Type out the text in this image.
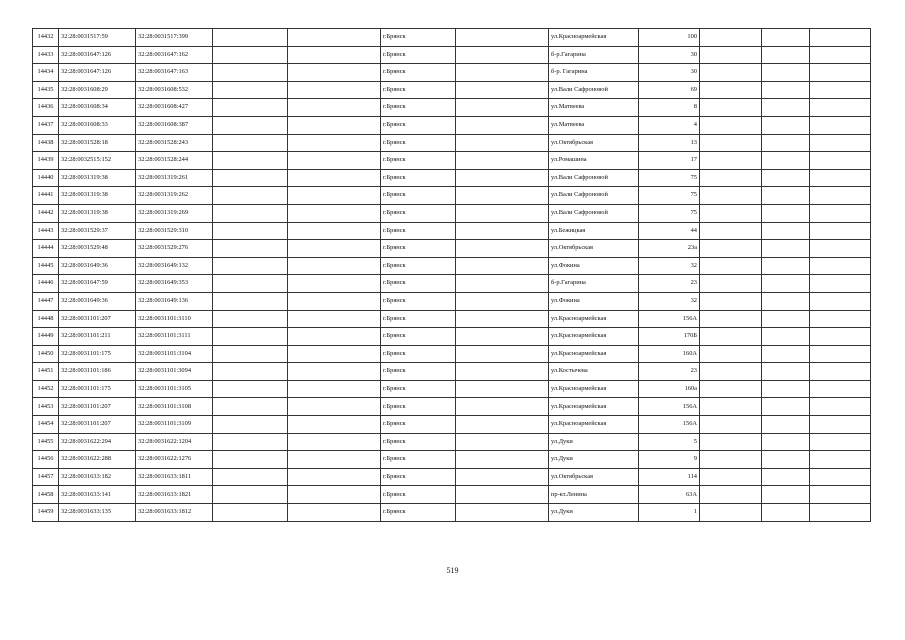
14432	32:28:0031517:59	32:28:0031517:399			г.Брянск		ул.Красноармейская	100			
14433	32:28:0031647:126	32:28:0031647:162			г.Брянск		б-р.Гагарина	30			
14434	32:28:0031647:126	32:28:0031647:163			г.Брянск		б-р. Гагарина	30			
14435	32:28:0031608:29	32:28:0031608:532			г.Брянск		ул.Вали Сафроновой	69			
14436	32:28:0031608:34	32:28:0031608:427			г.Брянск		ул.Матвеева	8			
14437	32:28:0031608:33	32:28:0031608:387			г.Брянск		ул.Матвеева	4			
14438	32:28:0031528:18	32:28:0031528:243			г.Брянск		ул.Октябрьская	13			
14439	32:28:0032515:152	32:28:0031528:244			г.Брянск		ул.Ромашина	17			
14440	32:28:0031319:38	32:28:0031319:261			г.Брянск		ул.Вали Сафроновой	75			
14441	32:28:0031319:38	32:28:0031319:262			г.Брянск		ул.Вали Сафроновой	75			
14442	32:28:0031319:38	32:28:0031319:269			г.Брянск		ул.Вали Сафроновой	75			
14443	32:28:0031529:37	32:28:0031529:310			г.Брянск		ул.Бежицкая	44			
14444	32:28:0031529:48	32:28:0031529:276			г.Брянск		ул.Октябрьская	23а			
14445	32:28:0031649:36	32:28:0031649:132			г.Брянск		ул.Фокина	32			
14446	32:28:0031647:59	32:28:0031649:353			г.Брянск		б-р.Гагарина	23			
14447	32:28:0031649:36	32:28:0031649:136			г.Брянск		ул.Фокина	32			
14448	32:28:0031101:207	32:28:0031101:3110			г.Брянск		ул.Красноармейская	156А			
14449	32:28:0031101:211	32:28:0031101:3111			г.Брянск		ул.Красноармейская	170Б			
14450	32:28:0031101:175	32:28:0031101:3104			г.Брянск		ул.Красноармейская	160А			
14451	32:28:0031101:186	32:28:0031101:3094			г.Брянск		ул.Костычева	23			
14452	32:28:0031101:175	32:28:0031101:3105			г.Брянск		ул.Красноармейская	160а			
14453	32:28:0031101:207	32:28:0031101:3108			г.Брянск		ул.Красноармейская	156А			
14454	32:28:0031101:207	32:28:0031101:3109			г.Брянск		ул.Красноармейская	156А			
14455	32:28:0031622:294	32:28:0031622:1204			г.Брянск		ул.Дуки	5			
14456	32:28:0031622:288	32:28:0031622:1276			г.Брянск		ул.Дуки	9			
14457	32:28:0031633:182	32:28:0031633:1811			г.Брянск		ул.Октябрьская	114			
14458	32:28:0031633:141	32:28:0031633:1821			г.Брянск		пр-кт.Ленина	63А			
14459	32:28:0031633:135	32:28:0031633:1812			г.Брянск		ул.Дуки	1			
519
